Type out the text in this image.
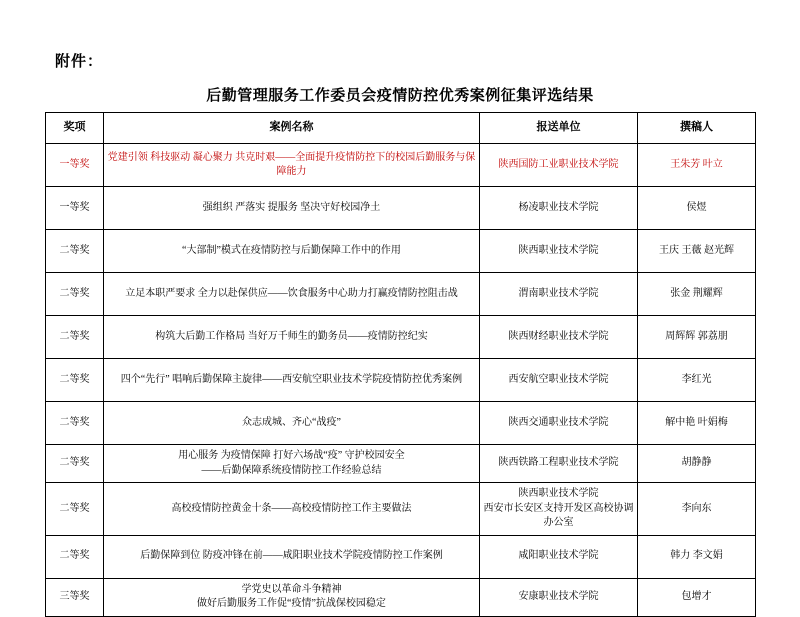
附件：
后勤管理服务工作委员会疫情防控优秀案例征集评选结果
奖项	案例名称	报送单位	撰稿人
一等奖	党建引领 科技驱动 凝心聚力 共克时艰——全面提升疫情防控下的校园后勤服务与保障能力	陕西国防工业职业技术学院	王朱芳 叶立
一等奖	强组织 严落实 提服务 坚决守好校园净土	杨凌职业技术学院	侯煜
二等奖	“大部制”模式在疫情防控与后勤保障工作中的作用	陕西职业技术学院	王庆 王薇 赵光辉
二等奖	立足本职严要求 全力以赴保供应——饮食服务中心助力打赢疫情防控阻击战	渭南职业技术学院	张金 荆耀辉
二等奖	构筑大后勤工作格局 当好万千师生的勤务员——疫情防控纪实	陕西财经职业技术学院	周辉辉 郭荔朋
二等奖	四个“先行” 唱响后勤保障主旋律——西安航空职业技术学院疫情防控优秀案例	西安航空职业技术学院	李红光
二等奖	众志成城、齐心“战疫”	陕西交通职业技术学院	解中艳 叶娟梅
二等奖	用心服务 为疫情保障 打好六场战“疫” 守护校园安全
——后勤保障系统疫情防控工作经验总结	陕西铁路工程职业技术学院	胡静静
二等奖	高校疫情防控黄金十条——高校疫情防控工作主要做法	陕西职业技术学院
西安市长安区支持开发区高校协调办公室	李向东
二等奖	后勤保障到位 防疫冲锋在前——咸阳职业技术学院疫情防控工作案例	咸阳职业技术学院	韩力 李文娟
三等奖	学党史以革命斗争精神
做好后勤服务工作促“疫情”抗战保校园稳定	安康职业技术学院	包增才
